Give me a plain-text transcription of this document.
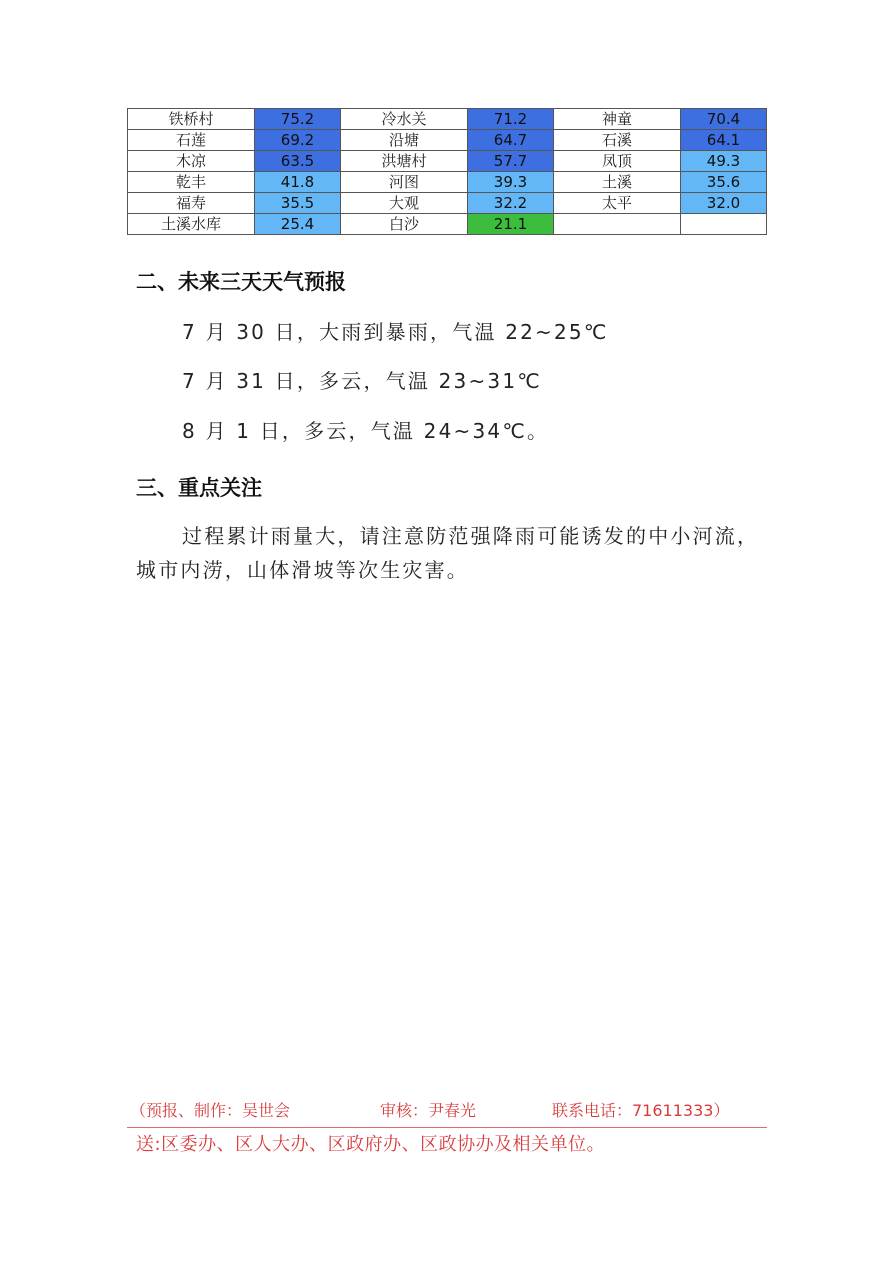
铁桥村	75.2	冷水关	71.2	神童	70.4
石莲	69.2	沿塘	64.7	石溪	64.1
木凉	63.5	洪塘村	57.7	凤顶	49.3
乾丰	41.8	河图	39.3	土溪	35.6
福寿	35.5	大观	32.2	太平	32.0
土溪水库	25.4	白沙	21.1		
二、未来三天天气预报

7 月 30 日，大雨到暴雨，气温 22~25℃

7 月 31 日，多云，气温 23~31℃

8 月 1 日，多云，气温 24~34℃。

三、重点关注

过程累计雨量大，请注意防范强降雨可能诱发的中小河流，城市内涝，山体滑坡等次生灾害。

（预报、制作：吴世会	审核：尹春光	联系电话：71611333）
送:区委办、区人大办、区政府办、区政协办及相关单位。
